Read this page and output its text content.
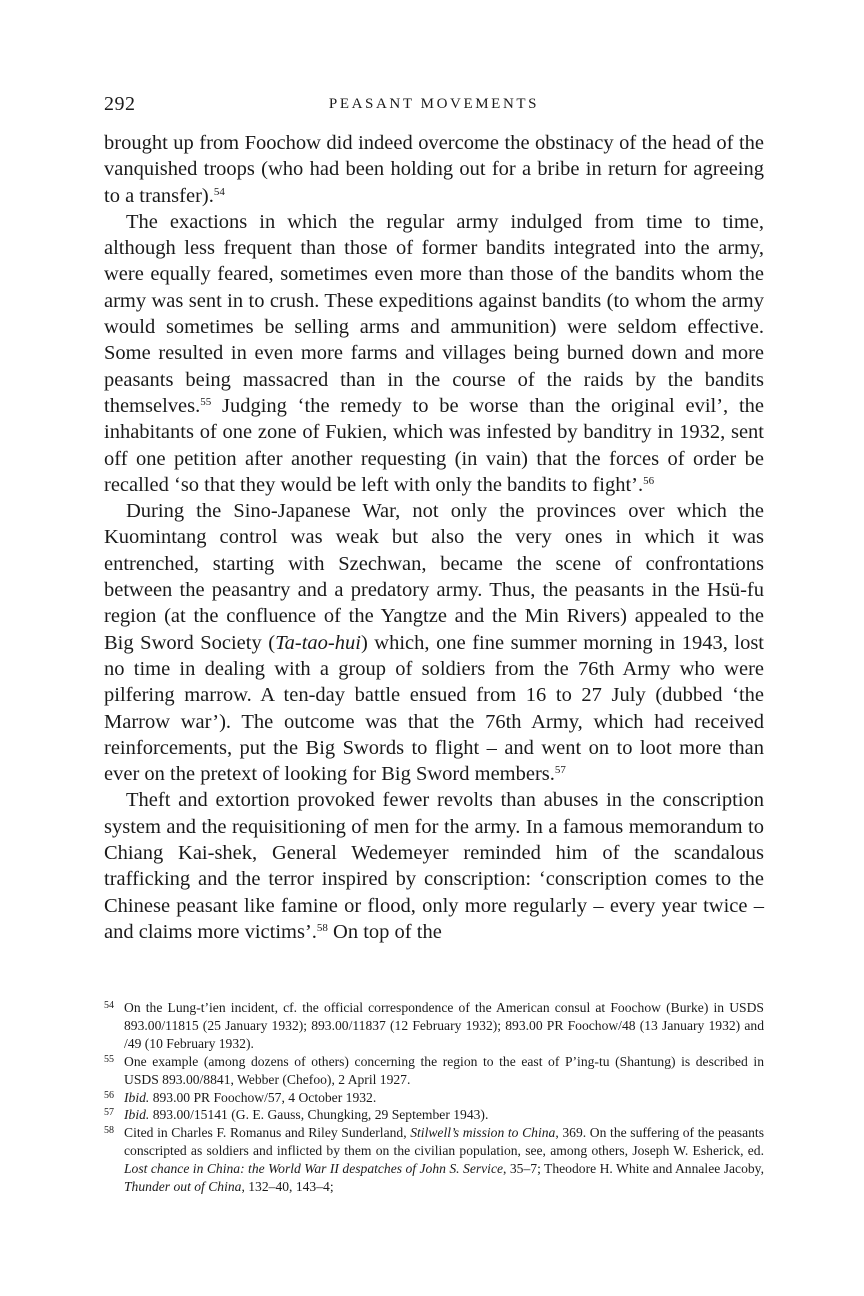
292	PEASANT MOVEMENTS

brought up from Foochow did indeed overcome the obstinacy of the head of the vanquished troops (who had been holding out for a bribe in return for agreeing to a transfer).$^{54}$

The exactions in which the regular army indulged from time to time, although less frequent than those of former bandits integrated into the army, were equally feared, sometimes even more than those of the bandits whom the army was sent in to crush. These expeditions against bandits (to whom the army would sometimes be selling arms and ammunition) were seldom effective. Some resulted in even more farms and villages being burned down and more peasants being massacred than in the course of the raids by the bandits themselves.$^{55}$ Judging ‘the remedy to be worse than the original evil’, the inhabitants of one zone of Fukien, which was infested by banditry in 1932, sent off one petition after another requesting (in vain) that the forces of order be recalled ‘so that they would be left with only the bandits to fight’.$^{56}$

During the Sino-Japanese War, not only the provinces over which the Kuomintang control was weak but also the very ones in which it was entrenched, starting with Szechwan, became the scene of confrontations between the peasantry and a predatory army. Thus, the peasants in the Hsü-fu region (at the confluence of the Yangtze and the Min Rivers) appealed to the Big Sword Society (Ta-tao-hui) which, one fine summer morning in 1943, lost no time in dealing with a group of soldiers from the 76th Army who were pilfering marrow. A ten-day battle ensued from 16 to 27 July (dubbed ‘the Marrow war’). The outcome was that the 76th Army, which had received reinforcements, put the Big Swords to flight – and went on to loot more than ever on the pretext of looking for Big Sword members.$^{57}$

Theft and extortion provoked fewer revolts than abuses in the conscription system and the requisitioning of men for the army. In a famous memorandum to Chiang Kai-shek, General Wedemeyer reminded him of the scandalous trafficking and the terror inspired by conscription: ‘conscription comes to the Chinese peasant like famine or flood, only more regularly – every year twice – and claims more victims’.$^{58}$ On top of the

54 On the Lung-t’ien incident, cf. the official correspondence of the American consul at Foochow (Burke) in USDS 893.00/11815 (25 January 1932); 893.00/11837 (12 February 1932); 893.00 PR Foochow/48 (13 January 1932) and /49 (10 February 1932).
55 One example (among dozens of others) concerning the region to the east of P’ing-tu (Shantung) is described in USDS 893.00/8841, Webber (Chefoo), 2 April 1927.
56 Ibid. 893.00 PR Foochow/57, 4 October 1932.
57 Ibid. 893.00/15141 (G. E. Gauss, Chungking, 29 September 1943).
58 Cited in Charles F. Romanus and Riley Sunderland, Stilwell’s mission to China, 369. On the suffering of the peasants conscripted as soldiers and inflicted by them on the civilian population, see, among others, Joseph W. Esherick, ed. Lost chance in China: the World War II despatches of John S. Service, 35–7; Theodore H. White and Annalee Jacoby, Thunder out of China, 132–40, 143–4;
